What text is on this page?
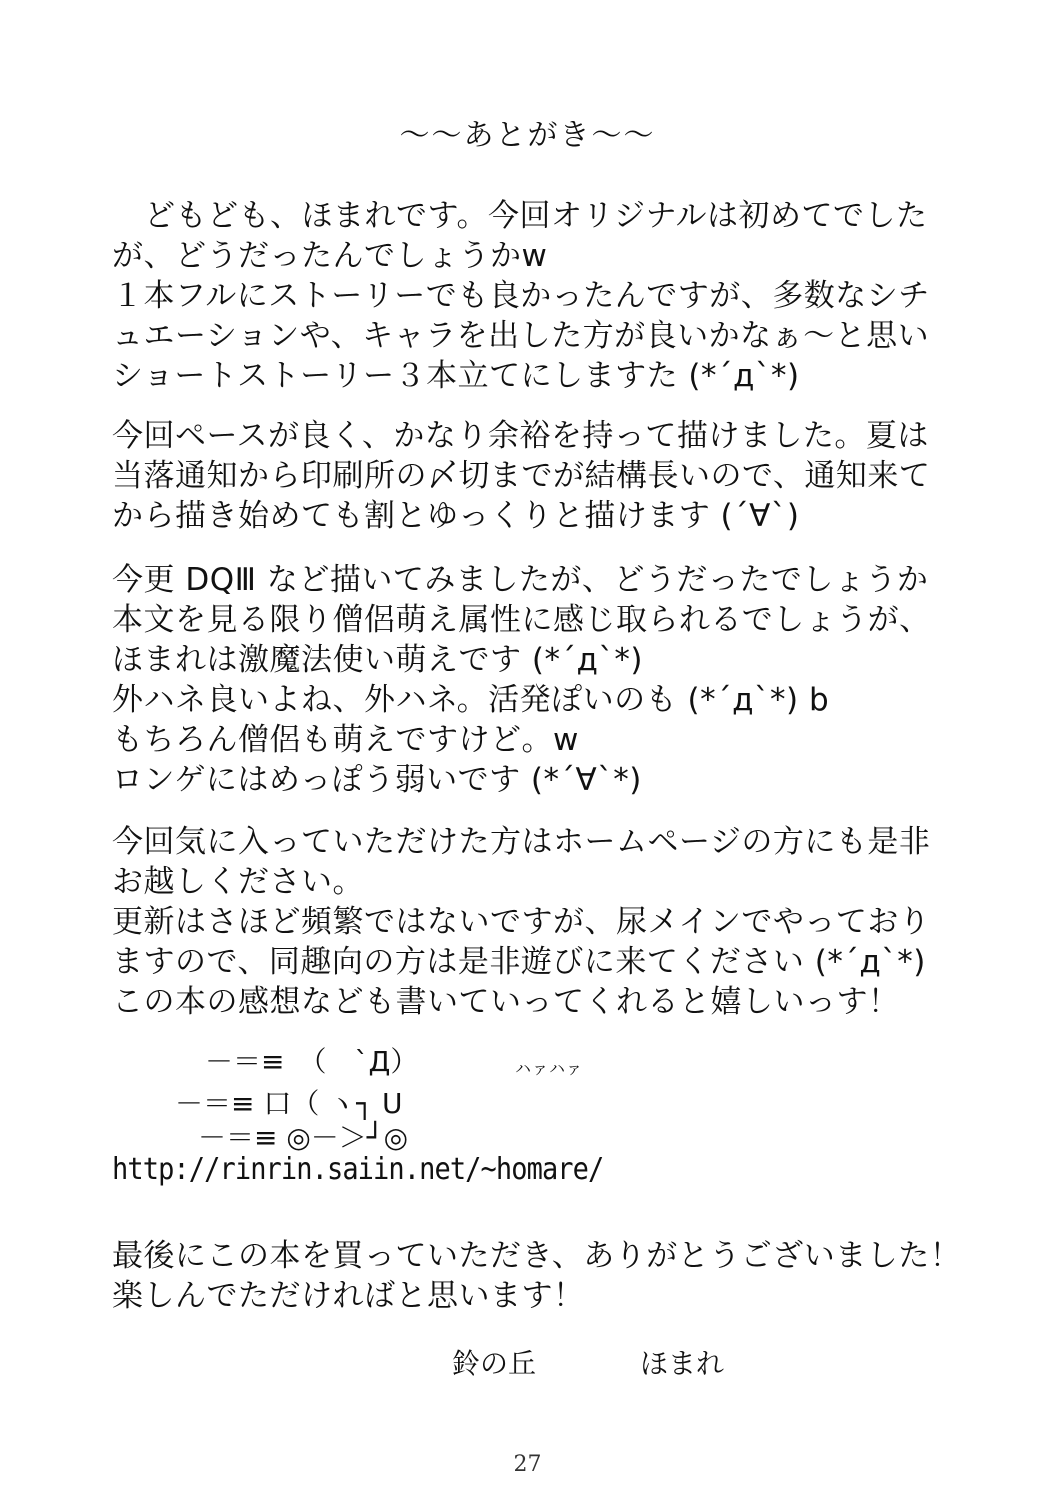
～～あとがき～～
どもども、ほまれです。今回オリジナルは初めてでした
が、どうだったんでしょうかw
１本フルにストーリーでも良かったんですが、多数なシチ
ュエーションや、キャラを出した方が良いかなぁ～と思い
ショートストーリー３本立てにしますた (*´д`*)
今回ペースが良く、かなり余裕を持って描けました。夏は
当落通知から印刷所の〆切までが結構長いので、通知来て
から描き始めても割とゆっくりと描けます (´∀`)
今更 DQⅢ など描いてみましたが、どうだったでしょうか
本文を見る限り僧侶萌え属性に感じ取られるでしょうが、
ほまれは激魔法使い萌えです (*´д`*)
外ハネ良いよね、外ハネ。活発ぽいのも (*´д`*) b
もちろん僧侶も萌えですけど。w
ロンゲにはめっぽう弱いです (*´∀`*)
今回気に入っていただけた方はホームページの方にも是非
お越しください。
更新はさほど頻繁ではないですが、尿メインでやっており
ますので、同趣向の方は是非遊びに来てください (*´д`*)
この本の感想なども書いていってくれると嬉しいっす！
－＝≡　（　`Д）	ハァハァ
－＝≡ 口（ ヽ┐ U
－＝≡ ◎－＞┘◎
http://rinrin.saiin.net/~homare/
最後にこの本を買っていただき、ありがとうございました！
楽しんでただければと思います！
鈴の丘	ほまれ
27
